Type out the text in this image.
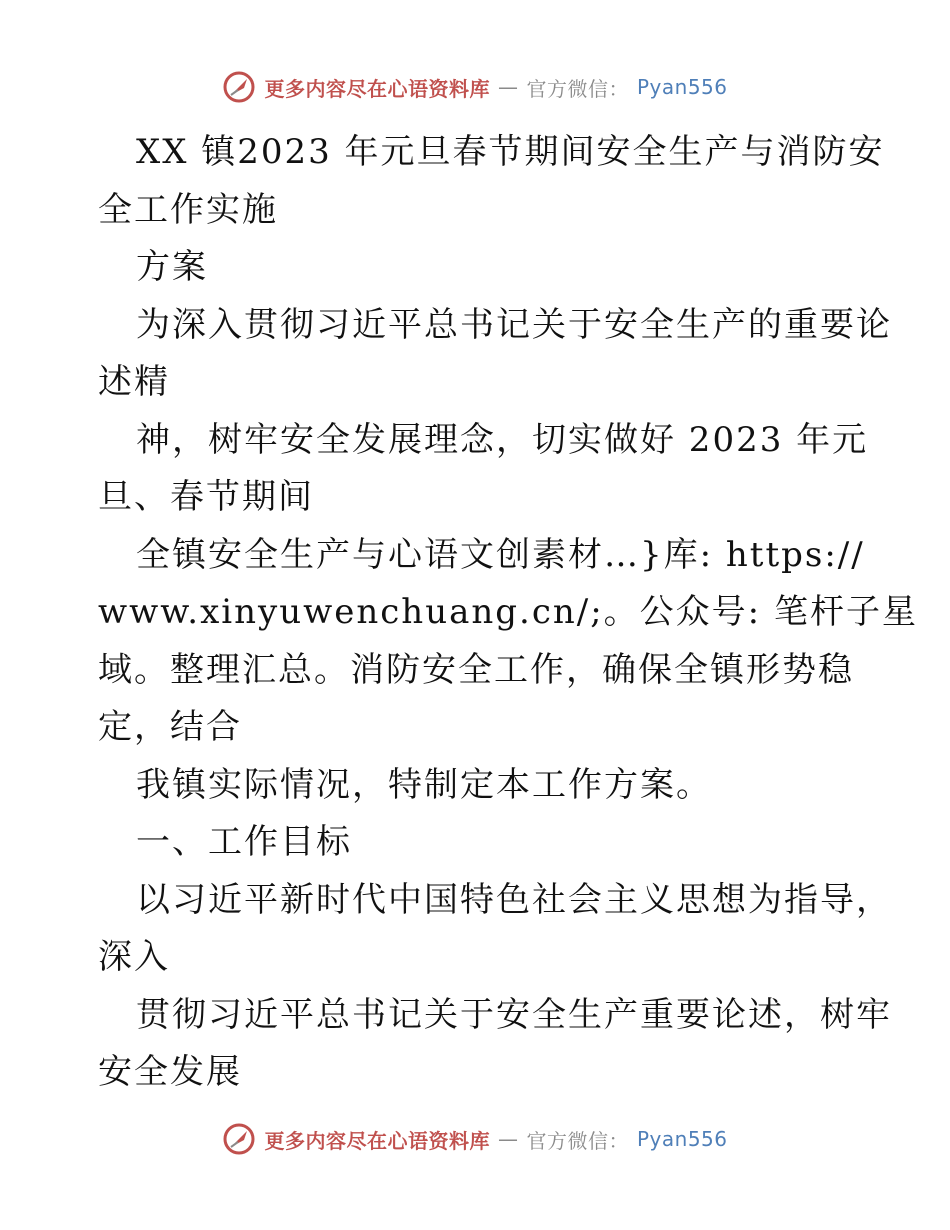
更多内容尽在心语资料库 — 官方微信： Pyan556
XX 镇2023 年元旦春节期间安全生产与消防安
全工作实施
方案
为深入贯彻习近平总书记关于安全生产的重要论
述精
神，树牢安全发展理念，切实做好 2023 年元
旦、春节期间
全镇安全生产与心语文创素材…}库: https://
www.xinyuwenchuang.cn/;。公众号: 笔杆子星
域。整理汇总。消防安全工作，确保全镇形势稳
定，结合
我镇实际情况，特制定本工作方案。
一、工作目标
以习近平新时代中国特色社会主义思想为指导，
深入
贯彻习近平总书记关于安全生产重要论述，树牢
安全发展
更多内容尽在心语资料库 — 官方微信： Pyan556
